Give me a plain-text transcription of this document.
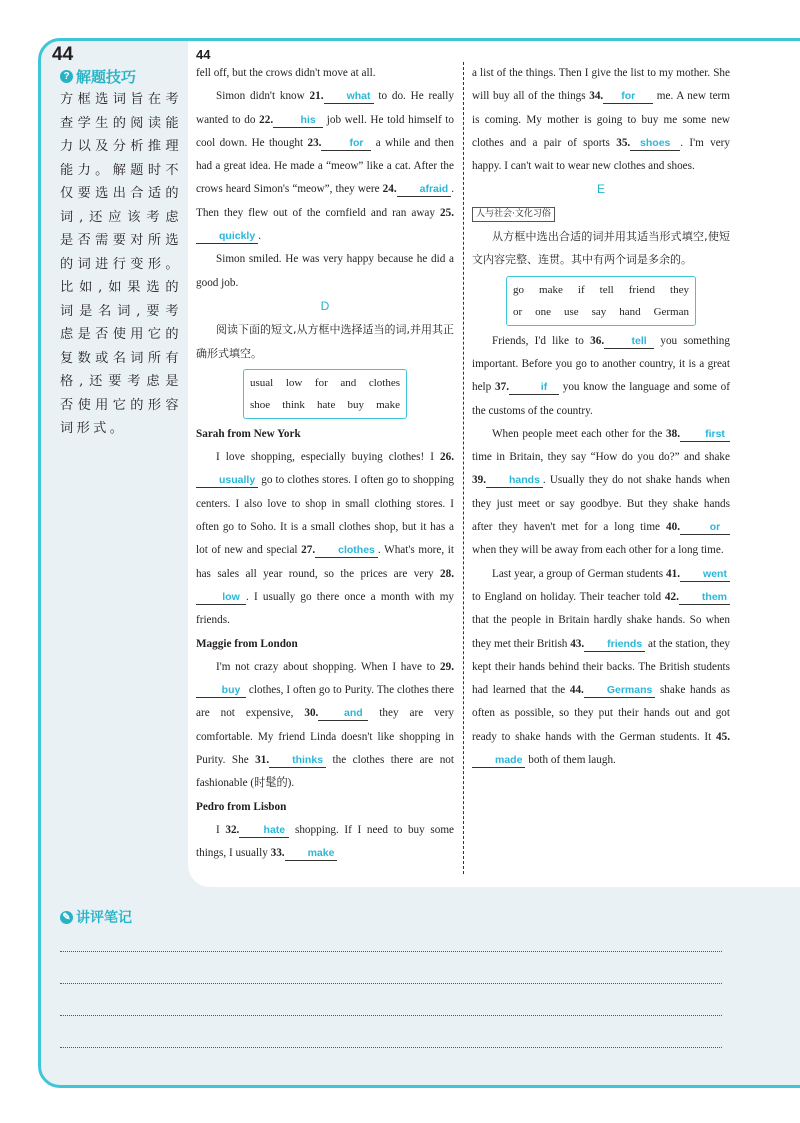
44	44
? 解题技巧
方框选词旨在考查学生的阅读能力以及分析推理能力。解题时不仅要选出合适的词,还应该考虑是否需要对所选的词进行变形。比如,如果选的词是名词,要考虑是否使用它的复数或名词所有格,还要考虑是否使用它的形容词形式。

fell off, but the crows didn't move at all.

Simon didn't know 21. what to do. He really wanted to do 22.	his job well. He told himself to cool down. He thought 23.	for a while and then had a great idea. He made a “meow” like a cat. After the crows heard Simon's “meow”, they were 24. afraid . Then they flew out of the cornfield and ran away 25.quickly .

Simon smiled. He was very happy because he did a good job.

D

阅读下面的短文,从方框中选择适当的词,并用其正确形式填空。

usual low for and clothes
shoe think hate buy make

Sarah from New York

I love shopping, especially buying clothes! I 26.usually go to clothes stores. I often go to shopping centers. I also love to shop in small clothing stores. I often go to Soho. It is a small clothes shop, but it has a lot of new and special 27. clothes . What's more, it has sales all year round, so the prices are very 28.low . I usually go there once a month with my friends.

Maggie from London

I'm not crazy about shopping. When I have to 29.buy clothes, I often go to Purity. The clothes there are not expensive, 30. and they are very comfortable. My friend Linda doesn't like shopping in Purity. She 31. thinks the clothes there are not fashionable (时髦的).

Pedro from Lisbon

I 32. hate shopping. If I need to buy some things, I usually 33. make

a list of the things. Then I give the list to my mother. She will buy all of the things 34. for me. A new term is coming. My mother is going to buy me some new clothes and a pair of sports 35. shoes . I'm very happy. I can't wait to wear new clothes and shoes.

E

人与社会·文化习俗

从方框中选出合适的词并用其适当形式填空,使短文内容完整、连贯。其中有两个词是多余的。

go make if tell friend they
or one use say hand German

Friends, I'd like to 36.	tell you something important. Before you go to another country, it is a great help 37.	if you know the language and some of the customs of the country.

When people meet each other for the 38. first time in Britain, they say “How do you do?” and shake 39. hands . Usually they do not shake hands when they just meet or say goodbye. But they shake hands after they haven't met for a long time 40.	or when they will be away from each other for a long time.

Last year, a group of German students 41. went to England on holiday. Their teacher told 42. them that the people in Britain hardly shake hands. So when they met their British 43. friends at the station, they kept their hands behind their backs. The British students had learned that the 44. Germans shake hands as often as possible, so they put their hands out and got ready to shake hands with the German students. It 45.made both of them laugh.

✎ 讲评笔记
